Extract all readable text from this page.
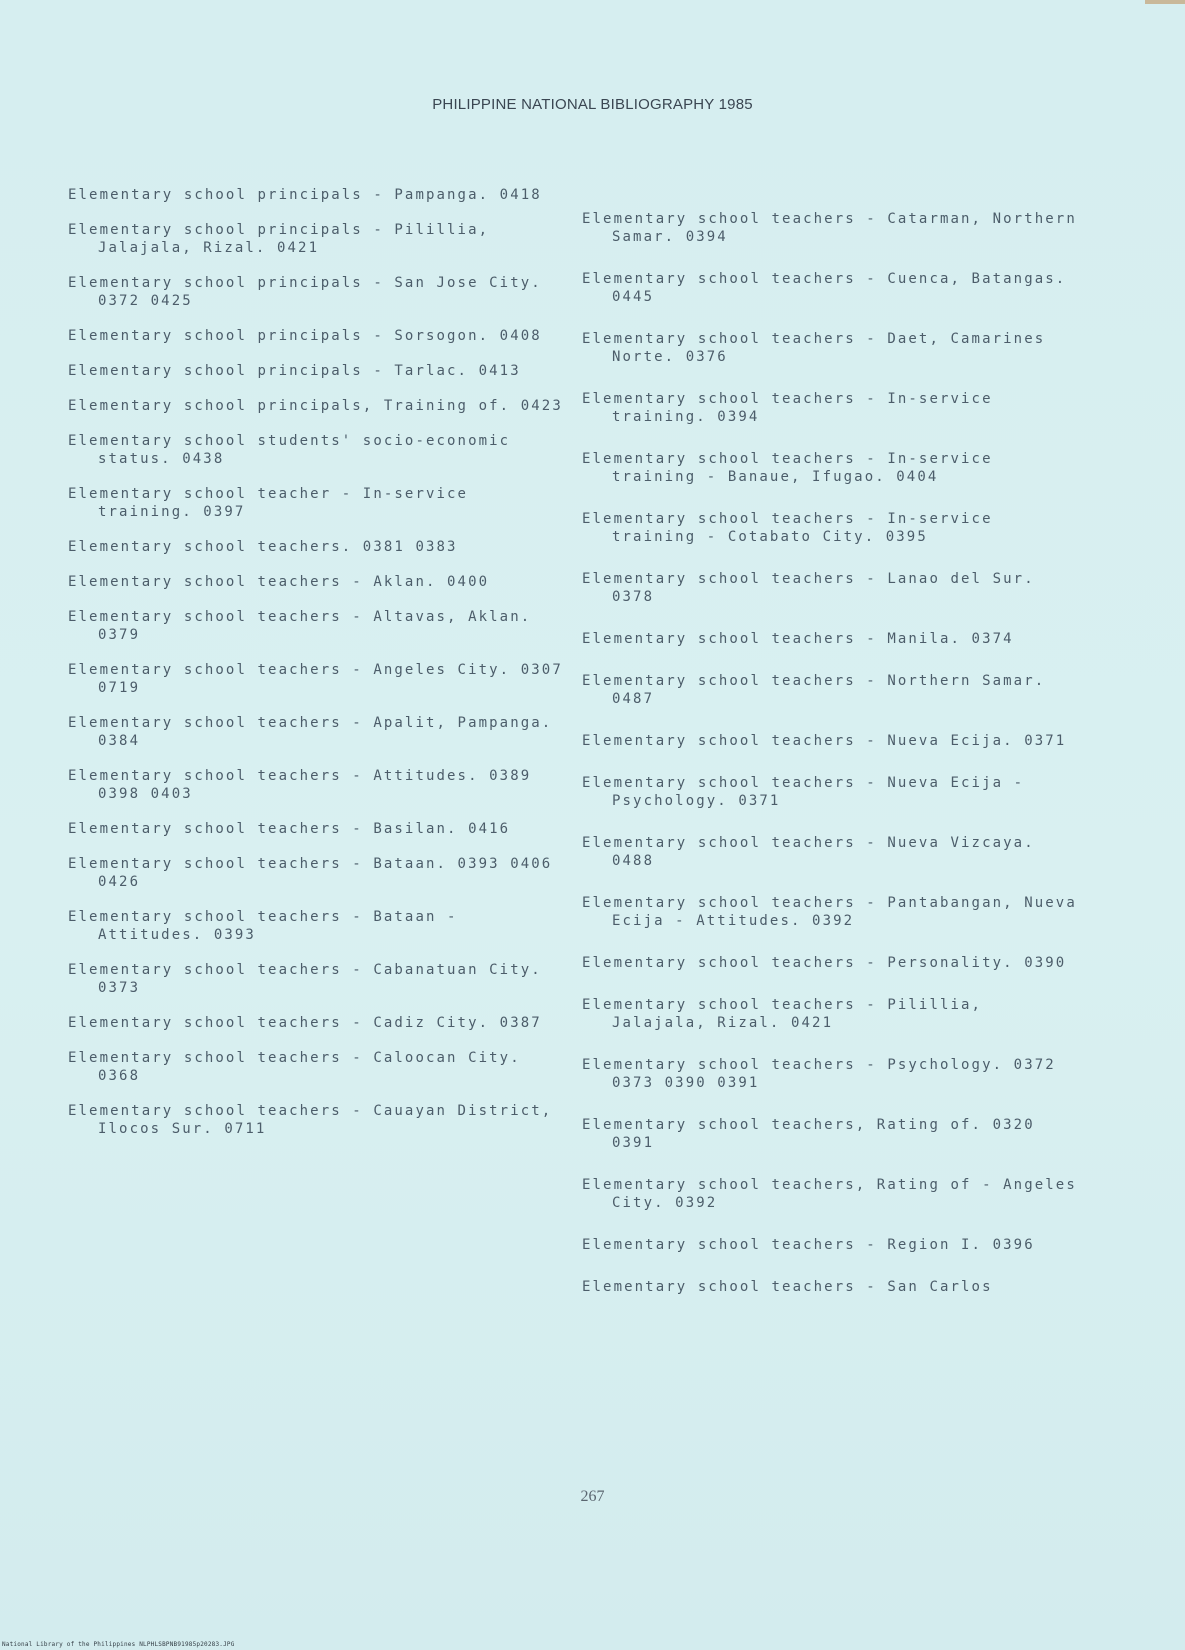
PHILIPPINE NATIONAL BIBLIOGRAPHY 1985

Elementary school principals - Pampanga. 0418

Elementary school principals - Pilillia, Jalajala, Rizal. 0421

Elementary school principals - San Jose City. 0372 0425

Elementary school principals - Sorsogon. 0408

Elementary school principals - Tarlac. 0413

Elementary school principals, Training of. 0423

Elementary school students' socio-economic status. 0438

Elementary school teacher - In-service training. 0397

Elementary school teachers. 0381 0383

Elementary school teachers - Aklan. 0400

Elementary school teachers - Altavas, Aklan. 0379

Elementary school teachers - Angeles City. 0307 0719

Elementary school teachers - Apalit, Pampanga. 0384

Elementary school teachers - Attitudes. 0389 0398 0403

Elementary school teachers - Basilan. 0416

Elementary school teachers - Bataan. 0393 0406 0426

Elementary school teachers - Bataan - Attitudes. 0393

Elementary school teachers - Cabanatuan City. 0373

Elementary school teachers - Cadiz City. 0387

Elementary school teachers - Caloocan City. 0368

Elementary school teachers - Cauayan District, Ilocos Sur. 0711

Elementary school teachers - Catarman, Northern Samar. 0394

Elementary school teachers - Cuenca, Batangas. 0445

Elementary school teachers - Daet, Camarines Norte. 0376

Elementary school teachers - In-service training. 0394

Elementary school teachers - In-service training - Banaue, Ifugao. 0404

Elementary school teachers - In-service training - Cotabato City. 0395

Elementary school teachers - Lanao del Sur. 0378

Elementary school teachers - Manila. 0374

Elementary school teachers - Northern Samar. 0487

Elementary school teachers - Nueva Ecija. 0371

Elementary school teachers - Nueva Ecija - Psychology. 0371

Elementary school teachers - Nueva Vizcaya. 0488

Elementary school teachers - Pantabangan, Nueva Ecija - Attitudes. 0392

Elementary school teachers - Personality. 0390

Elementary school teachers - Pilillia, Jalajala, Rizal. 0421

Elementary school teachers - Psychology. 0372 0373 0390 0391

Elementary school teachers, Rating of. 0320 0391

Elementary school teachers, Rating of - Angeles City. 0392

Elementary school teachers - Region I. 0396

Elementary school teachers - San Carlos

267
National Library of the Philippines NLPHLSBPNB91985p20283.JPG
